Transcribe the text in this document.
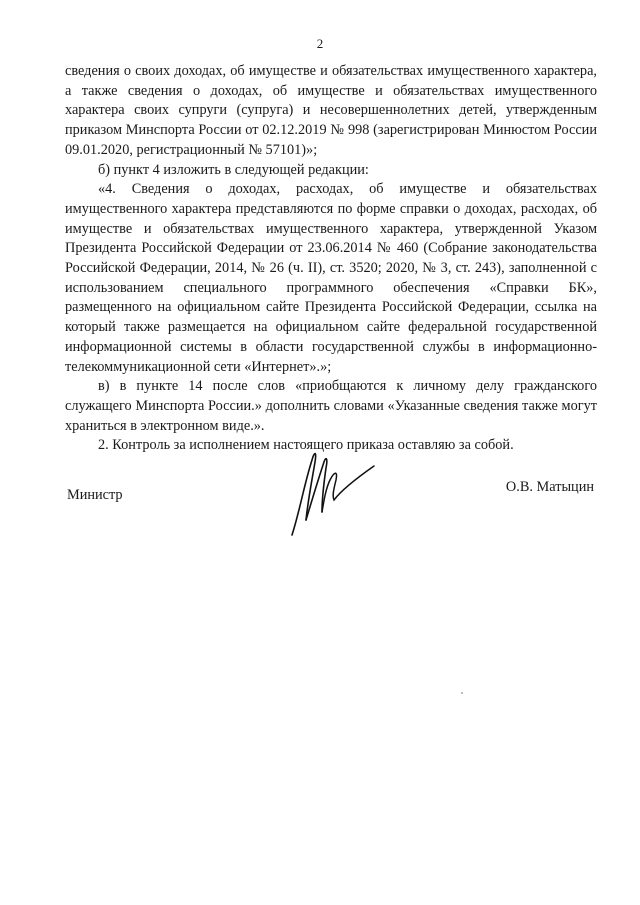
2

сведения о своих доходах, об имуществе и обязательствах имущественного характера, а также сведения о доходах, об имуществе и обязательствах имущественного характера своих супруги (супруга) и несовершеннолетних детей, утвержденным приказом Минспорта России от 02.12.2019 № 998 (зарегистрирован Минюстом России 09.01.2020, регистрационный № 57101)»;

б) пункт 4 изложить в следующей редакции:

«4. Сведения о доходах, расходах, об имуществе и обязательствах имущественного характера представляются по форме справки о доходах, расходах, об имуществе и обязательствах имущественного характера, утвержденной Указом Президента Российской Федерации от 23.06.2014 № 460 (Собрание законодательства Российской Федерации, 2014, № 26 (ч. II), ст. 3520; 2020, № 3, ст. 243), заполненной с использованием специального программного обеспечения «Справки БК», размещенного на официальном сайте Президента Российской Федерации, ссылка на который также размещается на официальном сайте федеральной государственной информационной системы в области государственной службы в информационно-телекоммуникационной сети «Интернет».»;

в) в пункте 14 после слов «приобщаются к личному делу гражданского служащего Минспорта России.» дополнить словами «Указанные сведения также могут храниться в электронном виде.».

2. Контроль за исполнением настоящего приказа оставляю за собой.

Министр	О.В. Матыцин
